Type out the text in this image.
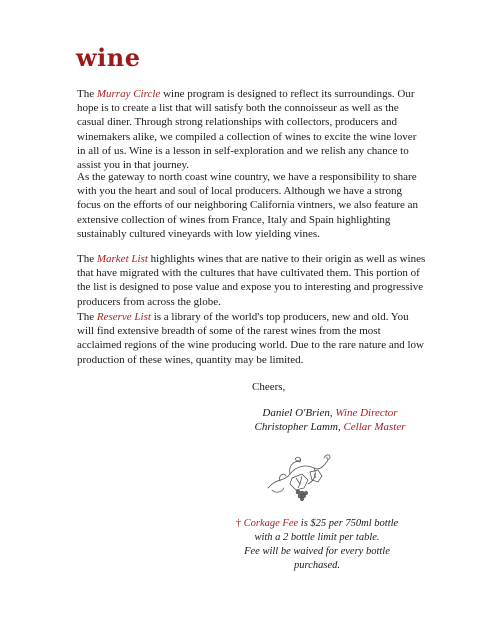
wine

The Murray Circle wine program is designed to reflect its surroundings. Our hope is to create a list that will satisfy both the connoisseur as well as the casual diner. Through strong relationships with collectors, producers and winemakers alike, we compiled a collection of wines to excite the wine lover in all of us. Wine is a lesson in self-exploration and we relish any chance to assist you in that journey.

As the gateway to north coast wine country, we have a responsibility to share with you the heart and soul of local producers. Although we have a strong focus on the efforts of our neighboring California vintners, we also feature an extensive collection of wines from France, Italy and Spain highlighting sustainably cultured vineyards with low yielding vines.

The Market List highlights wines that are native to their origin as well as wines that have migrated with the cultures that have cultivated them. This portion of the list is designed to pose value and expose you to interesting and progressive producers from across the globe.

The Reserve List is a library of the world's top producers, new and old. You will find extensive breadth of some of the rarest wines from the most acclaimed regions of the wine producing world. Due to the rare nature and low production of these wines, quantity may be limited.

Cheers,
Daniel O'Brien, Wine Director
Christopher Lamm, Cellar Master
† Corkage Fee is $25 per 750ml bottle
with a 2 bottle limit per table.
Fee will be waived for every bottle purchased.
